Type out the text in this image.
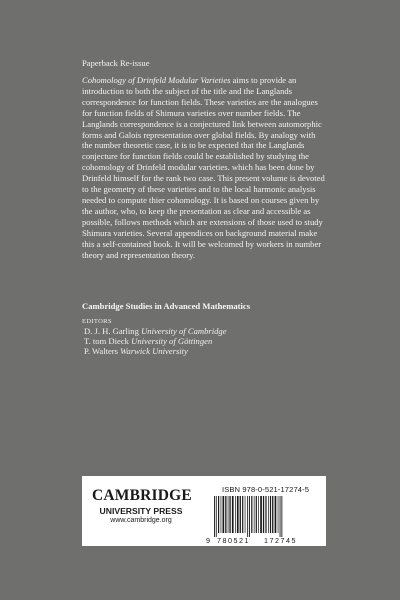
Paperback Re-issue
Cohomology of Drinfeld Modular Varieties aims to provide an introduction to both the subject of the title and the Langlands correspondence for function fields. These varieties are the analogues for function fields of Shimura varieties over number fields. The Langlands correspondence is a conjectured link between automorphic forms and Galois representation over global fields. By analogy with the number theoretic case, it is to be expected that the Langlands conjecture for function fields could be established by studying the cohomology of Drinfeld modular varieties. which has been done by Drinfeld himself for the rank two case. This present volume is devoted to the geometry of these varieties and to the local harmonic analysis needed to compute thier cohomology. It is based on courses given by the author, who, to keep the presentation as clear and accessible as possible, follows methods which are extensions of those used to study Shimura varieties. Several appendices on background material make this a self-contained book. It will be welcomed by workers in number theory and representation theory.
Cambridge Studies in Advanced Mathematics
EDITORS
D. J. H. Garling University of Cambridge
T. tom Dieck University of Göttingen
P. Walters Warwick University
CAMBRIDGE
UNIVERSITY PRESS
www.cambridge.org
ISBN 978-0-521-17274-5
9 780521 172745
